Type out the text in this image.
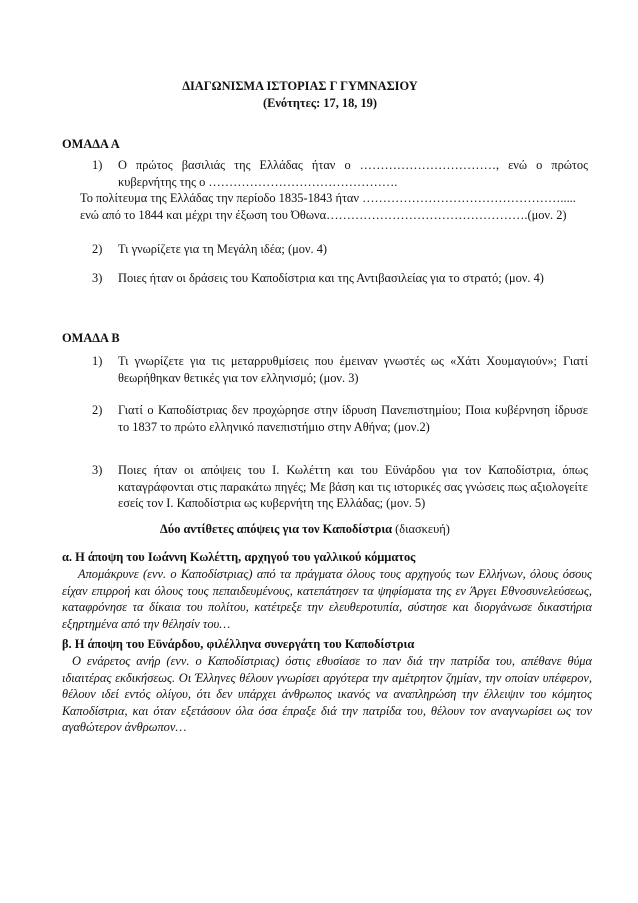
ΔΙΑΓΩΝΙΣΜΑ ΙΣΤΟΡΙΑΣ Γ ΓΥΜΝΑΣΙΟΥ
(Ενότητες: 17, 18, 19)
ΟΜΑΔΑ Α
1) Ο πρώτος βασιλιάς της Ελλάδας ήταν ο ……………………………, ενώ ο πρώτος κυβερνήτης της ο ……………………………………….
Το πολίτευμα της Ελλάδας την περίοδο 1835-1843 ήταν ………………………………………….....
ενώ από το 1844 και μέχρι την έξωση του Όθωνα………………………………………….(μον. 2)
2) Τι γνωρίζετε για τη Μεγάλη ιδέα; (μον. 4)
3) Ποιες ήταν οι δράσεις του Καποδίστρια και της Αντιβασιλείας για το στρατό; (μον. 4)
ΟΜΑΔΑ Β
1) Τι γνωρίζετε για τις μεταρρυθμίσεις που έμειναν γνωστές ως «Χάτι Χουμαγιούν»; Γιατί θεωρήθηκαν θετικές για τον ελληνισμό; (μον. 3)
2) Γιατί ο Καποδίστριας δεν προχώρησε στην ίδρυση Πανεπιστημίου; Ποια κυβέρνηση ίδρυσε το 1837 το πρώτο ελληνικό πανεπιστήμιο στην Αθήνα; (μον.2)
3) Ποιες ήταν οι απόψεις του Ι. Κωλέττη και του Εϋνάρδου για τον Καποδίστρια, όπως καταγράφονται στις παρακάτω πηγές; Με βάση και τις ιστορικές σας γνώσεις πως αξιολογείτε εσείς τον Ι. Καποδίστρια ως κυβερνήτη της Ελλάδας; (μον. 5)
Δύο αντίθετες απόψεις για τον Καποδίστρια (διασκευή)
α. Η άποψη του Ιωάννη Κωλέττη, αρχηγού του γαλλικού κόμματος
Απομάκρυνε (ενν. ο Καποδίστριας) από τα πράγματα όλους τους αρχηγούς των Ελλήνων, όλους όσους είχαν επιρροή και όλους τους πεπαιδευμένους, κατεπάτησεν τα ψηφίσματα της εν Άργει Εθνοσυνελεύσεως, καταφρόνησε τα δίκαια του πολίτου, κατέτρεξε την ελευθεροτυπία, σύστησε και διοργάνωσε δικαστήρια εξηρτημένα από την θέλησίν του…
β. Η άποψη του Εϋνάρδου, φιλέλληνα συνεργάτη του Καποδίστρια
Ο ενάρετος ανήρ (ενν. ο Καποδίστριας) όστις εθυσίασε το παν διά την πατρίδα του, απέθανε θύμα ιδιαιτέρας εκδικήσεως. Οι Έλληνες θέλουν γνωρίσει αργότερα την αμέτρητον ζημίαν, την οποίαν υπέφερον, θέλουν ιδεί εντός ολίγου, ότι δεν υπάρχει άνθρωπος ικανός να αναπληρώση την έλλειψιν του κόμητος Καποδίστρια, και όταν εξετάσουν όλα όσα έπραξε διά την πατρίδα του, θέλουν τον αναγνωρίσει ως τον αγαθώτερον άνθρωπον…
